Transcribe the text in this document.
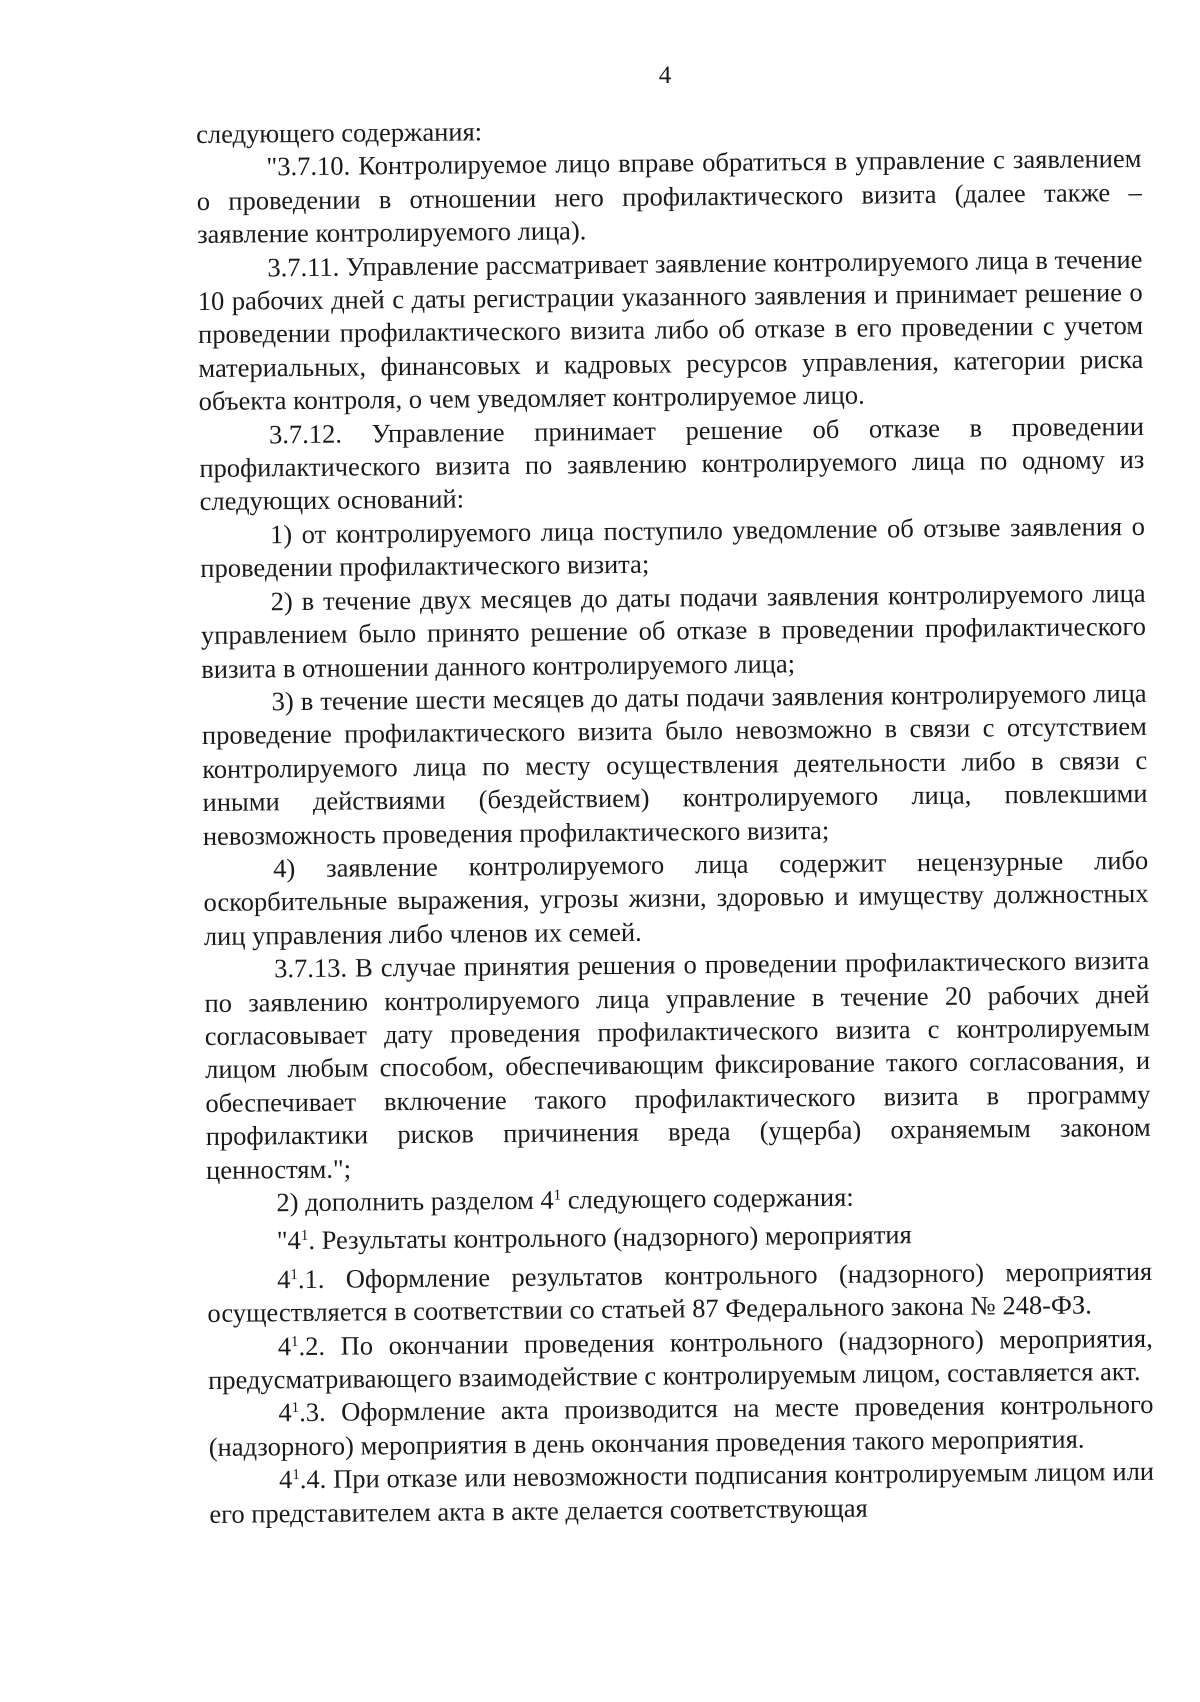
4

следующего содержания:

"3.7.10. Контролируемое лицо вправе обратиться в управление с заявлением о проведении в отношении него профилактического визита (далее также – заявление контролируемого лица).

3.7.11. Управление рассматривает заявление контролируемого лица в течение 10 рабочих дней с даты регистрации указанного заявления и принимает решение о проведении профилактического визита либо об отказе в его проведении с учетом материальных, финансовых и кадровых ресурсов управления, категории риска объекта контроля, о чем уведомляет контролируемое лицо.

3.7.12. Управление принимает решение об отказе в проведении профилактического визита по заявлению контролируемого лица по одному из следующих оснований:

1) от контролируемого лица поступило уведомление об отзыве заявления о проведении профилактического визита;

2) в течение двух месяцев до даты подачи заявления контролируемого лица управлением было принято решение об отказе в проведении профилактического визита в отношении данного контролируемого лица;

3) в течение шести месяцев до даты подачи заявления контролируемого лица проведение профилактического визита было невозможно в связи с отсутствием контролируемого лица по месту осуществления деятельности либо в связи с иными действиями (бездействием) контролируемого лица, повлекшими невозможность проведения профилактического визита;

4) заявление контролируемого лица содержит нецензурные либо оскорбительные выражения, угрозы жизни, здоровью и имуществу должностных лиц управления либо членов их семей.

3.7.13. В случае принятия решения о проведении профилактического визита по заявлению контролируемого лица управление в течение 20 рабочих дней согласовывает дату проведения профилактического визита с контролируемым лицом любым способом, обеспечивающим фиксирование такого согласования, и обеспечивает включение такого профилактического визита в программу профилактики рисков причинения вреда (ущерба) охраняемым законом ценностям.";

2) дополнить разделом $4^1$ следующего содержания:

"$4^1$. Результаты контрольного (надзорного) мероприятия

$4^1.1$. Оформление результатов контрольного (надзорного) мероприятия осуществляется в соответствии со статьей 87 Федерального закона № 248-ФЗ.

$4^1.2$. По окончании проведения контрольного (надзорного) мероприятия, предусматривающего взаимодействие с контролируемым лицом, составляется акт.

$4^1.3$. Оформление акта производится на месте проведения контрольного (надзорного) мероприятия в день окончания проведения такого мероприятия.

$4^1.4$. При отказе или невозможности подписания контролируемым лицом или его представителем акта в акте делается соответствующая
